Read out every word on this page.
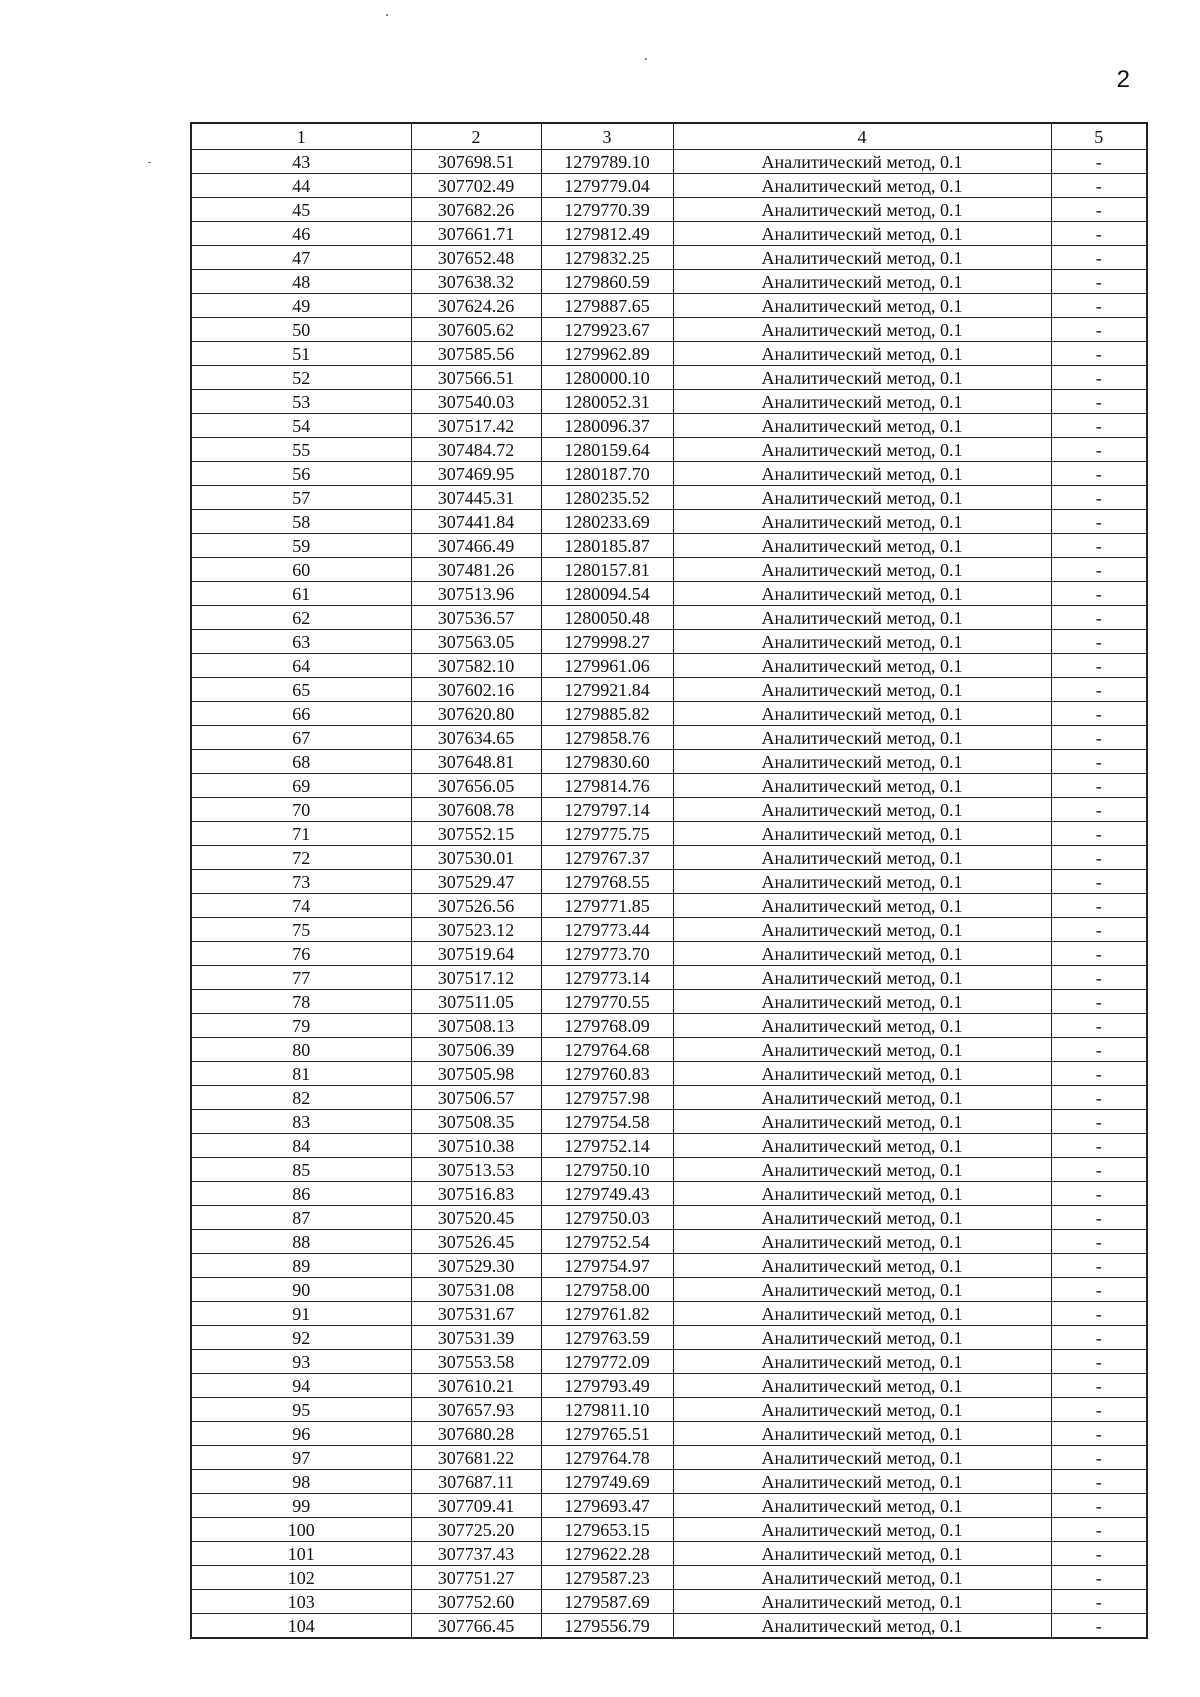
2
1	2	3	4	5
43	307698.51	1279789.10	Аналитический метод, 0.1	-
44	307702.49	1279779.04	Аналитический метод, 0.1	-
45	307682.26	1279770.39	Аналитический метод, 0.1	-
46	307661.71	1279812.49	Аналитический метод, 0.1	-
47	307652.48	1279832.25	Аналитический метод, 0.1	-
48	307638.32	1279860.59	Аналитический метод, 0.1	-
49	307624.26	1279887.65	Аналитический метод, 0.1	-
50	307605.62	1279923.67	Аналитический метод, 0.1	-
51	307585.56	1279962.89	Аналитический метод, 0.1	-
52	307566.51	1280000.10	Аналитический метод, 0.1	-
53	307540.03	1280052.31	Аналитический метод, 0.1	-
54	307517.42	1280096.37	Аналитический метод, 0.1	-
55	307484.72	1280159.64	Аналитический метод, 0.1	-
56	307469.95	1280187.70	Аналитический метод, 0.1	-
57	307445.31	1280235.52	Аналитический метод, 0.1	-
58	307441.84	1280233.69	Аналитический метод, 0.1	-
59	307466.49	1280185.87	Аналитический метод, 0.1	-
60	307481.26	1280157.81	Аналитический метод, 0.1	-
61	307513.96	1280094.54	Аналитический метод, 0.1	-
62	307536.57	1280050.48	Аналитический метод, 0.1	-
63	307563.05	1279998.27	Аналитический метод, 0.1	-
64	307582.10	1279961.06	Аналитический метод, 0.1	-
65	307602.16	1279921.84	Аналитический метод, 0.1	-
66	307620.80	1279885.82	Аналитический метод, 0.1	-
67	307634.65	1279858.76	Аналитический метод, 0.1	-
68	307648.81	1279830.60	Аналитический метод, 0.1	-
69	307656.05	1279814.76	Аналитический метод, 0.1	-
70	307608.78	1279797.14	Аналитический метод, 0.1	-
71	307552.15	1279775.75	Аналитический метод, 0.1	-
72	307530.01	1279767.37	Аналитический метод, 0.1	-
73	307529.47	1279768.55	Аналитический метод, 0.1	-
74	307526.56	1279771.85	Аналитический метод, 0.1	-
75	307523.12	1279773.44	Аналитический метод, 0.1	-
76	307519.64	1279773.70	Аналитический метод, 0.1	-
77	307517.12	1279773.14	Аналитический метод, 0.1	-
78	307511.05	1279770.55	Аналитический метод, 0.1	-
79	307508.13	1279768.09	Аналитический метод, 0.1	-
80	307506.39	1279764.68	Аналитический метод, 0.1	-
81	307505.98	1279760.83	Аналитический метод, 0.1	-
82	307506.57	1279757.98	Аналитический метод, 0.1	-
83	307508.35	1279754.58	Аналитический метод, 0.1	-
84	307510.38	1279752.14	Аналитический метод, 0.1	-
85	307513.53	1279750.10	Аналитический метод, 0.1	-
86	307516.83	1279749.43	Аналитический метод, 0.1	-
87	307520.45	1279750.03	Аналитический метод, 0.1	-
88	307526.45	1279752.54	Аналитический метод, 0.1	-
89	307529.30	1279754.97	Аналитический метод, 0.1	-
90	307531.08	1279758.00	Аналитический метод, 0.1	-
91	307531.67	1279761.82	Аналитический метод, 0.1	-
92	307531.39	1279763.59	Аналитический метод, 0.1	-
93	307553.58	1279772.09	Аналитический метод, 0.1	-
94	307610.21	1279793.49	Аналитический метод, 0.1	-
95	307657.93	1279811.10	Аналитический метод, 0.1	-
96	307680.28	1279765.51	Аналитический метод, 0.1	-
97	307681.22	1279764.78	Аналитический метод, 0.1	-
98	307687.11	1279749.69	Аналитический метод, 0.1	-
99	307709.41	1279693.47	Аналитический метод, 0.1	-
100	307725.20	1279653.15	Аналитический метод, 0.1	-
101	307737.43	1279622.28	Аналитический метод, 0.1	-
102	307751.27	1279587.23	Аналитический метод, 0.1	-
103	307752.60	1279587.69	Аналитический метод, 0.1	-
104	307766.45	1279556.79	Аналитический метод, 0.1	-
